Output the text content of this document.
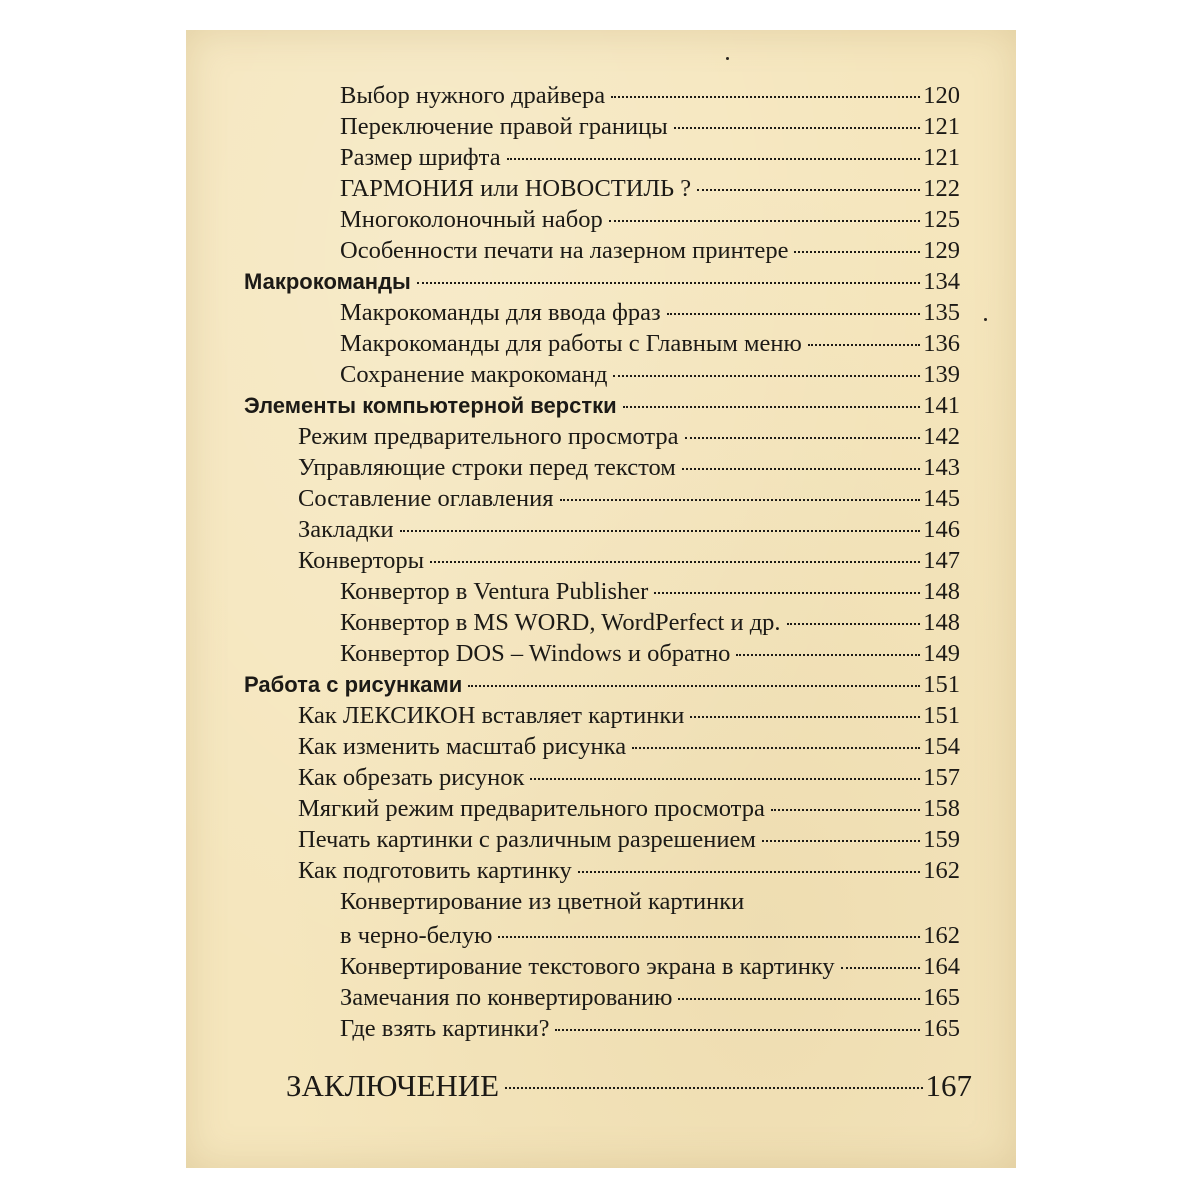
Выбор нужного драйвера	120
Переключение правой границы	121
Размер шрифта	121
ГАРМОНИЯ или НОВОСТИЛЬ ?	122
Многоколоночный набор	125
Особенности печати на лазерном принтере	129
Макрокоманды	134
Макрокоманды для ввода фраз	135
Макрокоманды для работы с Главным меню	136
Сохранение макрокоманд	139
Элементы компьютерной верстки	141
Режим предварительного просмотра	142
Управляющие строки перед текстом	143
Составление оглавления	145
Закладки	146
Конверторы	147
Конвертор в Ventura Publisher	148
Конвертор в MS WORD, WordPerfect и др.	148
Конвертор DOS – Windows и обратно	149
Работа с рисунками	151
Как ЛЕКСИКОН вставляет картинки	151
Как изменить масштаб рисунка	154
Как обрезать рисунок	157
Мягкий режим предварительного просмотра	158
Печать картинки с различным разрешением	159
Как подготовить картинку	162
Конвертирование из цветной картинки
в черно-белую	162
Конвертирование текстового экрана в картинку	164
Замечания по конвертированию	165
Где взять картинки?	165
ЗАКЛЮЧЕНИЕ	167
